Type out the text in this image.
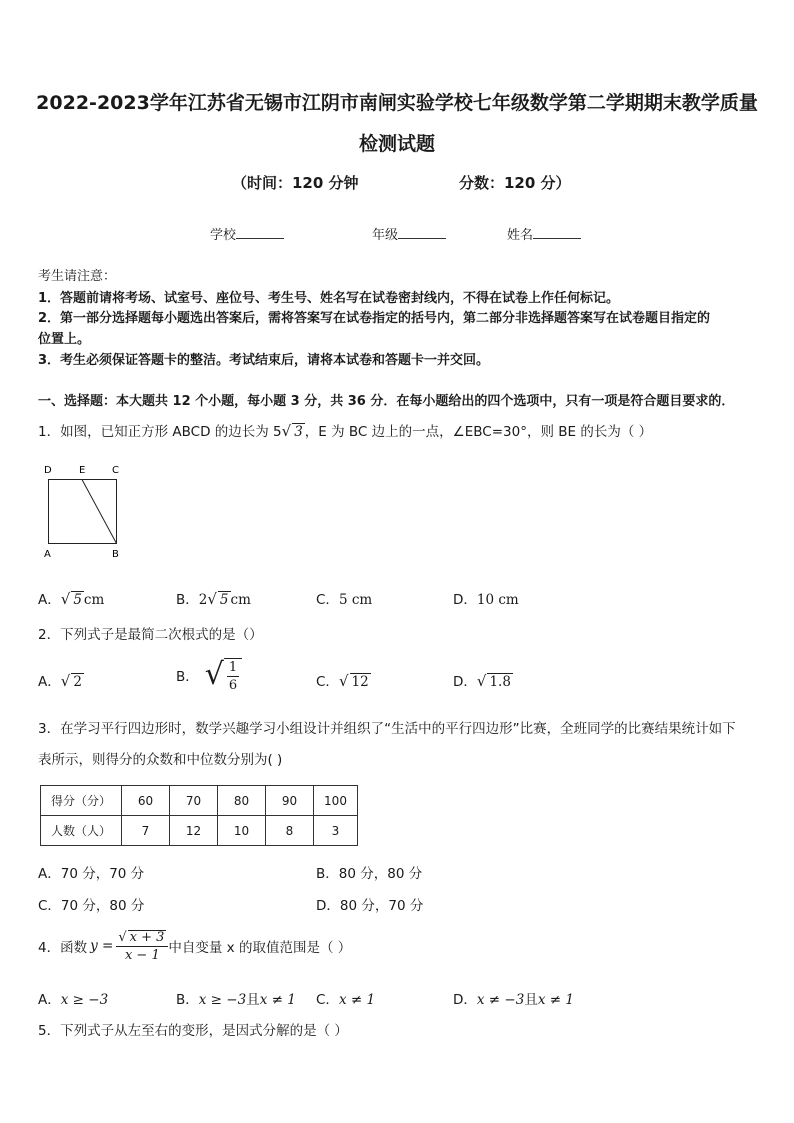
2022-2023学年江苏省无锡市江阴市南闸实验学校七年级数学第二学期期末教学质量
检测试题
（时间：120 分钟	分数：120 分）
学校	年级	姓名
考生请注意：
1．答题前请将考场、试室号、座位号、考生号、姓名写在试卷密封线内，不得在试卷上作任何标记。
2．第一部分选择题每小题选出答案后，需将答案写在试卷指定的括号内，第二部分非选择题答案写在试卷题目指定的
位置上。
3．考生必须保证答题卡的整洁。考试结束后，请将本试卷和答题卡一并交回。
一、选择题：本大题共 12 个小题，每小题 3 分，共 36 分．在每小题给出的四个选项中，只有一项是符合题目要求的．
1．如图，已知正方形 ABCD 的边长为 5√ 3 ，E 为 BC 边上的一点，∠EBC=30°，则 BE 的长为（ ）
D	E	C
A	B
A．√ 5 cm	B．2√ 5 cm	C．5 cm	D．10 cm
2．下列式子是最简二次根式的是（）
A．√ 2	B． √ $\frac{1}{6}$	C．√ 12	D．√ 1.8
3．在学习平行四边形时，数学兴趣学习小组设计并组织了“生活中的平行四边形”比赛，全班同学的比赛结果统计如下
表所示，则得分的众数和中位数分别为( )
得分（分）	60	70	80	90	100
人数（人）	7	12	10	8	3
A．70 分，70 分	B．80 分，80 分
C．70 分，80 分	D．80 分，70 分
4．函数 $y = \frac{√ x + 3}{x - 1}$ 中自变量 x 的取值范围是（ ）
A．x ≥ −3	B．x ≥ −3且x ≠ 1 C．x ≠ 1	D．x ≠ −3且x ≠ 1
5．下列式子从左至右的变形，是因式分解的是（ ）
